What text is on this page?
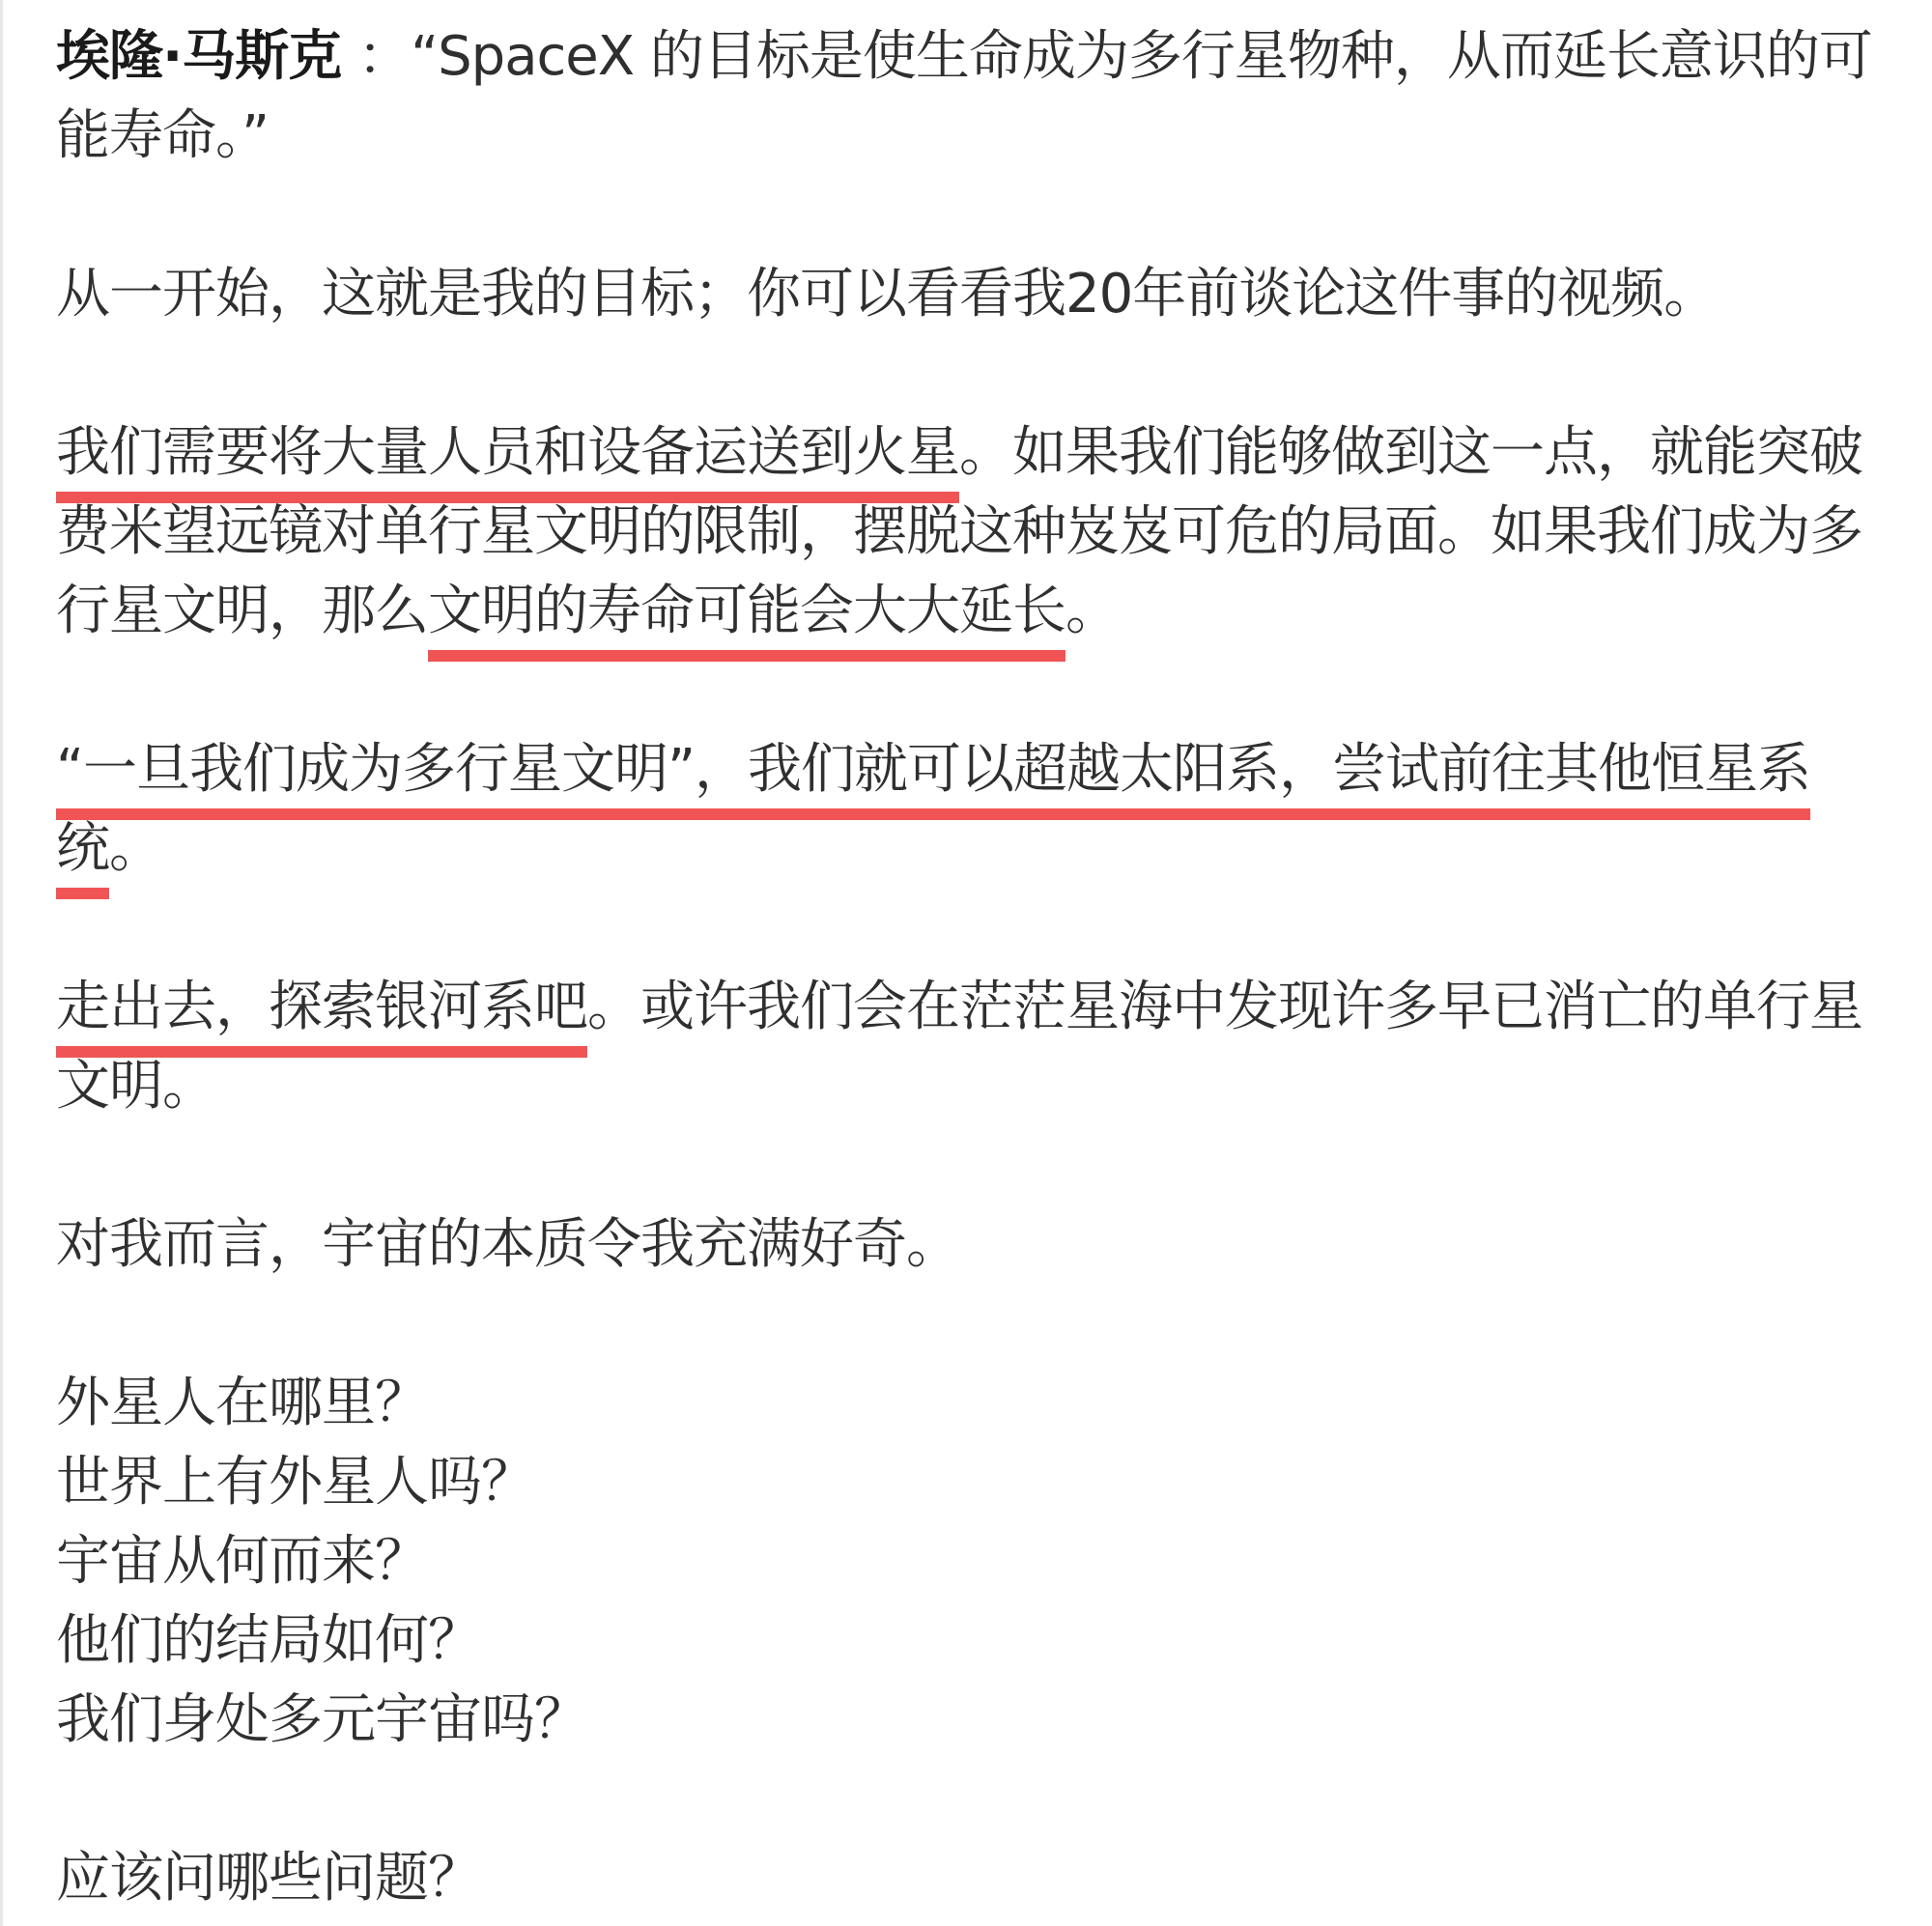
埃隆·马斯克 ：“SpaceX 的目标是使生命成为多行星物种，从而延长意识的可能寿命。”

从一开始，这就是我的目标；你可以看看我20年前谈论这件事的视频。

我们需要将大量人员和设备运送到火星。如果我们能够做到这一点，就能突破费米望远镜对单行星文明的限制，摆脱这种岌岌可危的局面。如果我们成为多行星文明，那么文明的寿命可能会大大延长。

“一旦我们成为多行星文明”，我们就可以超越太阳系，尝试前往其他恒星系统。

走出去，探索银河系吧。或许我们会在茫茫星海中发现许多早已消亡的单行星文明。

对我而言，宇宙的本质令我充满好奇。

外星人在哪里？
世界上有外星人吗？
宇宙从何而来？
他们的结局如何？
我们身处多元宇宙吗？

应该问哪些问题？
